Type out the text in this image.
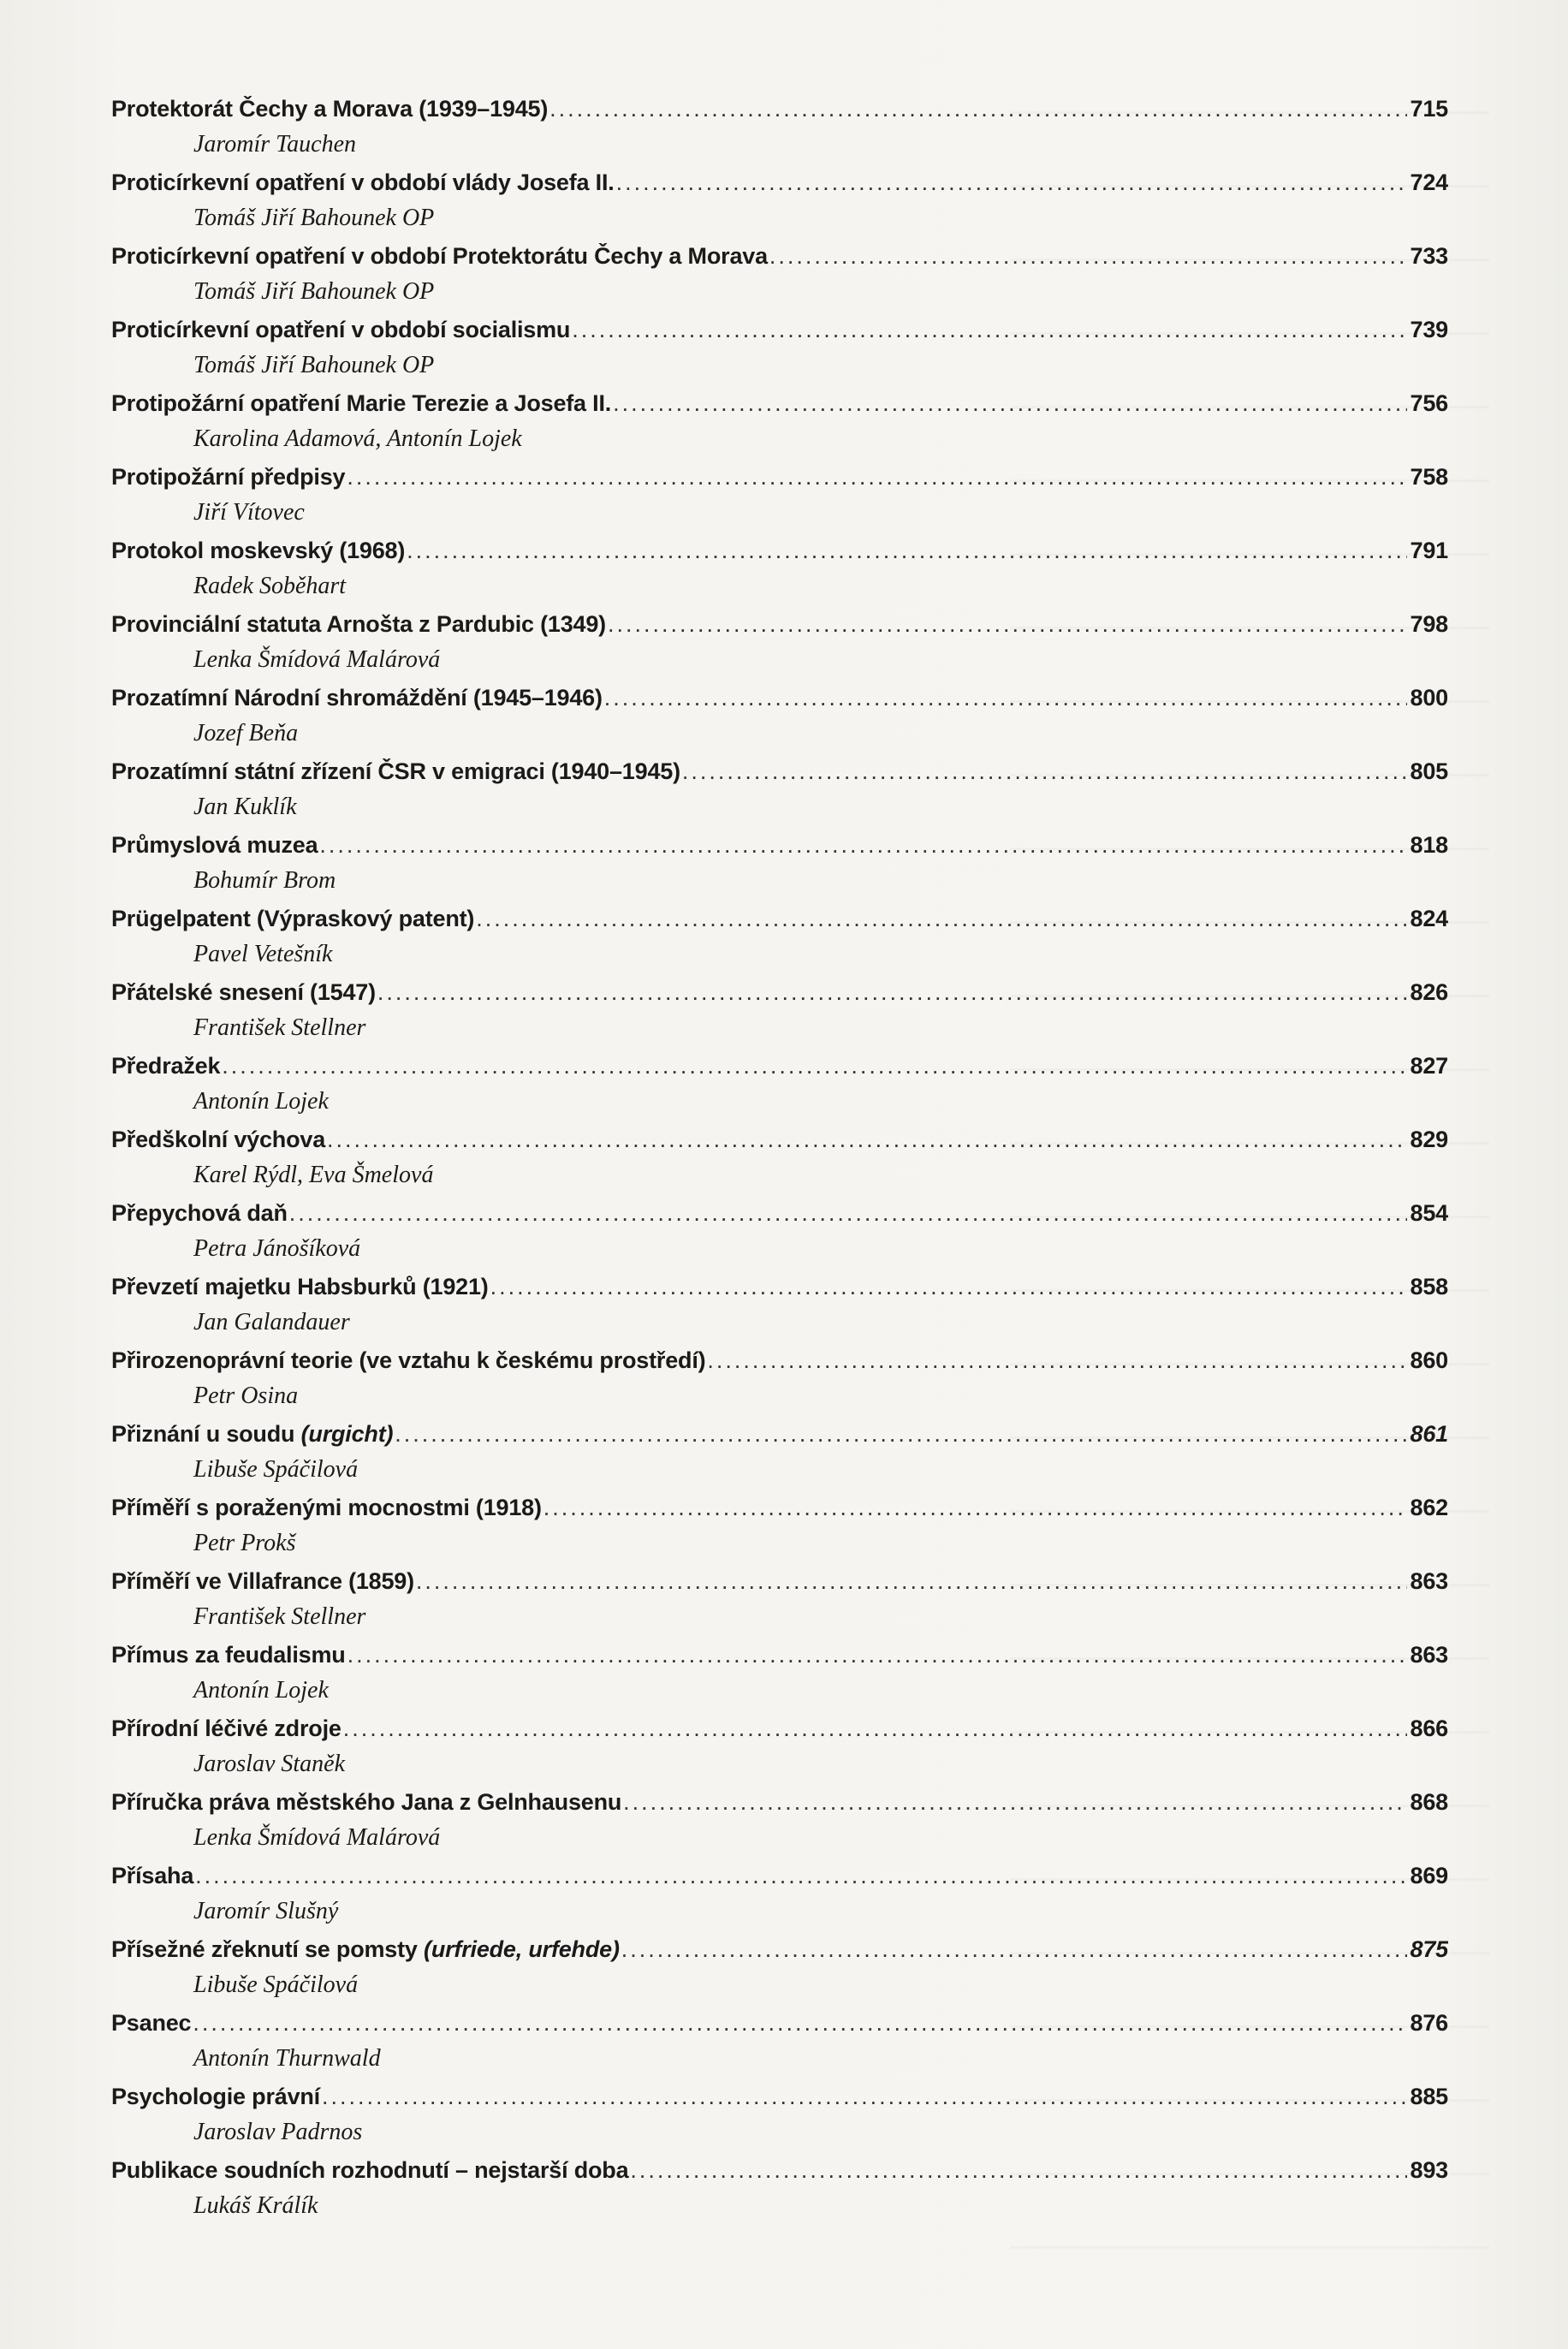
Protektorát Čechy a Morava (1939–1945) .....	715
Jaromír Tauchen
Proticírkevní opatření v období vlády Josefa II. .....	724
Tomáš Jiří Bahounek OP
Proticírkevní opatření v období Protektorátu Čechy a Morava .....	733
Tomáš Jiří Bahounek OP
Proticírkevní opatření v období socialismu .....	739
Tomáš Jiří Bahounek OP
Protipožární opatření Marie Terezie a Josefa II. .....	756
Karolina Adamová, Antonín Lojek
Protipožární předpisy .....	758
Jiří Vítovec
Protokol moskevský (1968) .....	791
Radek Soběhart
Provinciální statuta Arnošta z Pardubic (1349) .....	798
Lenka Šmídová Malárová
Prozatímní Národní shromáždění (1945–1946) .....	800
Jozef Beňa
Prozatímní státní zřízení ČSR v emigraci (1940–1945) .....	805
Jan Kuklík
Průmyslová muzea .....	818
Bohumír Brom
Prügelpatent (Výpraskový patent) .....	824
Pavel Vetešník
Přátelské snesení (1547) .....	826
František Stellner
Předražek .....	827
Antonín Lojek
Předškolní výchova .....	829
Karel Rýdl, Eva Šmelová
Přepychová daň .....	854
Petra Jánošíková
Převzetí majetku Habsburků (1921) .....	858
Jan Galandauer
Přirozenoprávní teorie (ve vztahu k českému prostředí) .....	860
Petr Osina
Přiznání u soudu (urgicht) .....	861
Libuše Spáčilová
Příměří s poraženými mocnostmi (1918) .....	862
Petr Prokš
Příměří ve Villafrance (1859) .....	863
František Stellner
Přímus za feudalismu .....	863
Antonín Lojek
Přírodní léčivé zdroje .....	866
Jaroslav Staněk
Příručka práva městského Jana z Gelnhausenu .....	868
Lenka Šmídová Malárová
Přísaha .....	869
Jaromír Slušný
Přísežné zřeknutí se pomsty (urfriede, urfehde) .....	875
Libuše Spáčilová
Psanec .....	876
Antonín Thurnwald
Psychologie právní .....	885
Jaroslav Padrnos
Publikace soudních rozhodnutí – nejstarší doba .....	893
Lukáš Králík
